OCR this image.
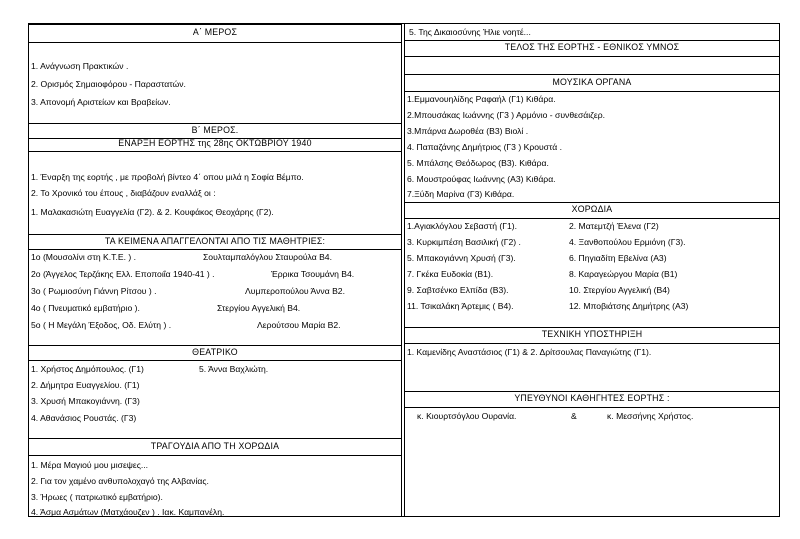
Α΄ ΜΕΡΟΣ
1. Ανάγνωση Πρακτικών .
2. Ορισμός Σημαιοφόρου - Παραστατών.
3. Απονομή Αριστείων και Βραβείων.
Β΄ ΜΕΡΟΣ.
ΕΝΑΡΞΗ ΕΟΡΤΗΣ της 28ης ΟΚΤΩΒΡΙΟΥ 1940
1. Έναρξη της εορτής , με προβολή βίντεο 4΄ οπου μιλά η Σοφία Βέμπο.
2. Το Χρονικό του έπους , διαβάζουν εναλλάξ οι :
1. Μαλακασιώτη Ευαγγελία (Γ2). & 2. Κουφάκος Θεοχάρης (Γ2).
ΤΑ ΚΕΙΜΕΝΑ ΑΠΑΓΓΕΛΟΝΤΑΙ ΑΠΟ ΤΙΣ ΜΑΘΗΤΡΙΕΣ:
1ο (Μουσολίνι στη Κ.Τ.Ε. ) .	Σουλταμπαλόγλου Σταυρούλα Β4.
2ο (Άγγελος Τερζάκης Ελλ. Εποποιΐα 1940-41 ) .	Έρρικα Τσουμάνη Β4.
3ο ( Ρωμιοσύνη Γιάννη Ρίτσου ) .	Λυμπεροπούλου Άννα Β2.
4ο ( Πνευματικό εμβατήριο ).	Στεργίου Αγγελική Β4.
5ο ( Η Μεγάλη Έξοδος, Οδ. Ελύτη ) .	Λερούτσου Μαρία Β2.
ΘΕΑΤΡΙΚΟ
1. Χρήστος Δημόπουλος. (Γ1)	5. Άννα Βαχλιώτη.
2. Δήμητρα Ευαγγελίου. (Γ1)
3. Χρυσή Μπακογιάννη. (Γ3)
4. Αθανάσιος Ρουστάς. (Γ3)
ΤΡΑΓΟΥΔΙΑ ΑΠΟ ΤΗ ΧΟΡΩΔΙΑ
1. Μέρα Μαγιού μου μισεψες...
2. Για τον χαμένο ανθυπολοχαγό της Αλβανίας.
3. Ήρωες ( πατριωτικό εμβατήριο).
4. Άσμα Ασμάτων (Ματχάουζεν ) . Ιακ. Καμπανέλη.
5. Της Δικαιοσύνης Ήλιε νοητέ...
ΤΕΛΟΣ ΤΗΣ ΕΟΡΤΗΣ - ΕΘΝΙΚΟΣ ΥΜΝΟΣ
ΜΟΥΣΙΚΑ ΟΡΓΑΝΑ
1.Εμμανουηλίδης Ραφαήλ (Γ1) Κιθάρα.
2.Μπουσάκας Ιωάννης (Γ3 ) Αρμόνιο - συνθεσάιζερ.
3.Μπάρνα Δωροθέα (Β3) Βιολί .
4. Παπαζάνης Δημήτριος (Γ3 ) Κρουστά .
5. Μπάλσης Θεόδωρος (Β3). Κιθάρα.
6. Μουστρούφας Ιωάννης (Α3) Κιθάρα.
7.Ξύδη Μαρίνα (Γ3) Κιθάρα.
ΧΟΡΩΔΙΑ
1.Αγιακλόγλου Σεβαστή (Γ1).	2. Ματεμτζή Έλενα (Γ2)
3. Κυρκιμπέση Βασιλική (Γ2) .	4. Ξανθοπούλου Ερμιόνη (Γ3).
5. Μπακογιάννη Χρυσή (Γ3).	6. Πηγιαδίτη Εβελίνα (Α3)
7. Γκέκα Ευδοκία (Β1).	8. Καραγεώργου Μαρία (Β1)
9. Σαβτσένκο Ελπίδα (Β3).	10. Στεργίου Αγγελική (Β4)
11. Τσικαλάκη Άρτεμις ( Β4).	12. Μποβιάτσης Δημήτρης (Α3)
ΤΕΧΝΙΚΗ ΥΠΟΣΤΗΡΙΞΗ
1. Καμενίδης Αναστάσιος (Γ1) & 2. Δρίτσουλας Παναγιώτης (Γ1).
ΥΠΕΥΘΥΝΟΙ ΚΑΘΗΓΗΤΕΣ ΕΟΡΤΗΣ :
κ. Κιουρτσόγλου Ουρανία.	&	κ. Μεσσήνης Χρήστος.
